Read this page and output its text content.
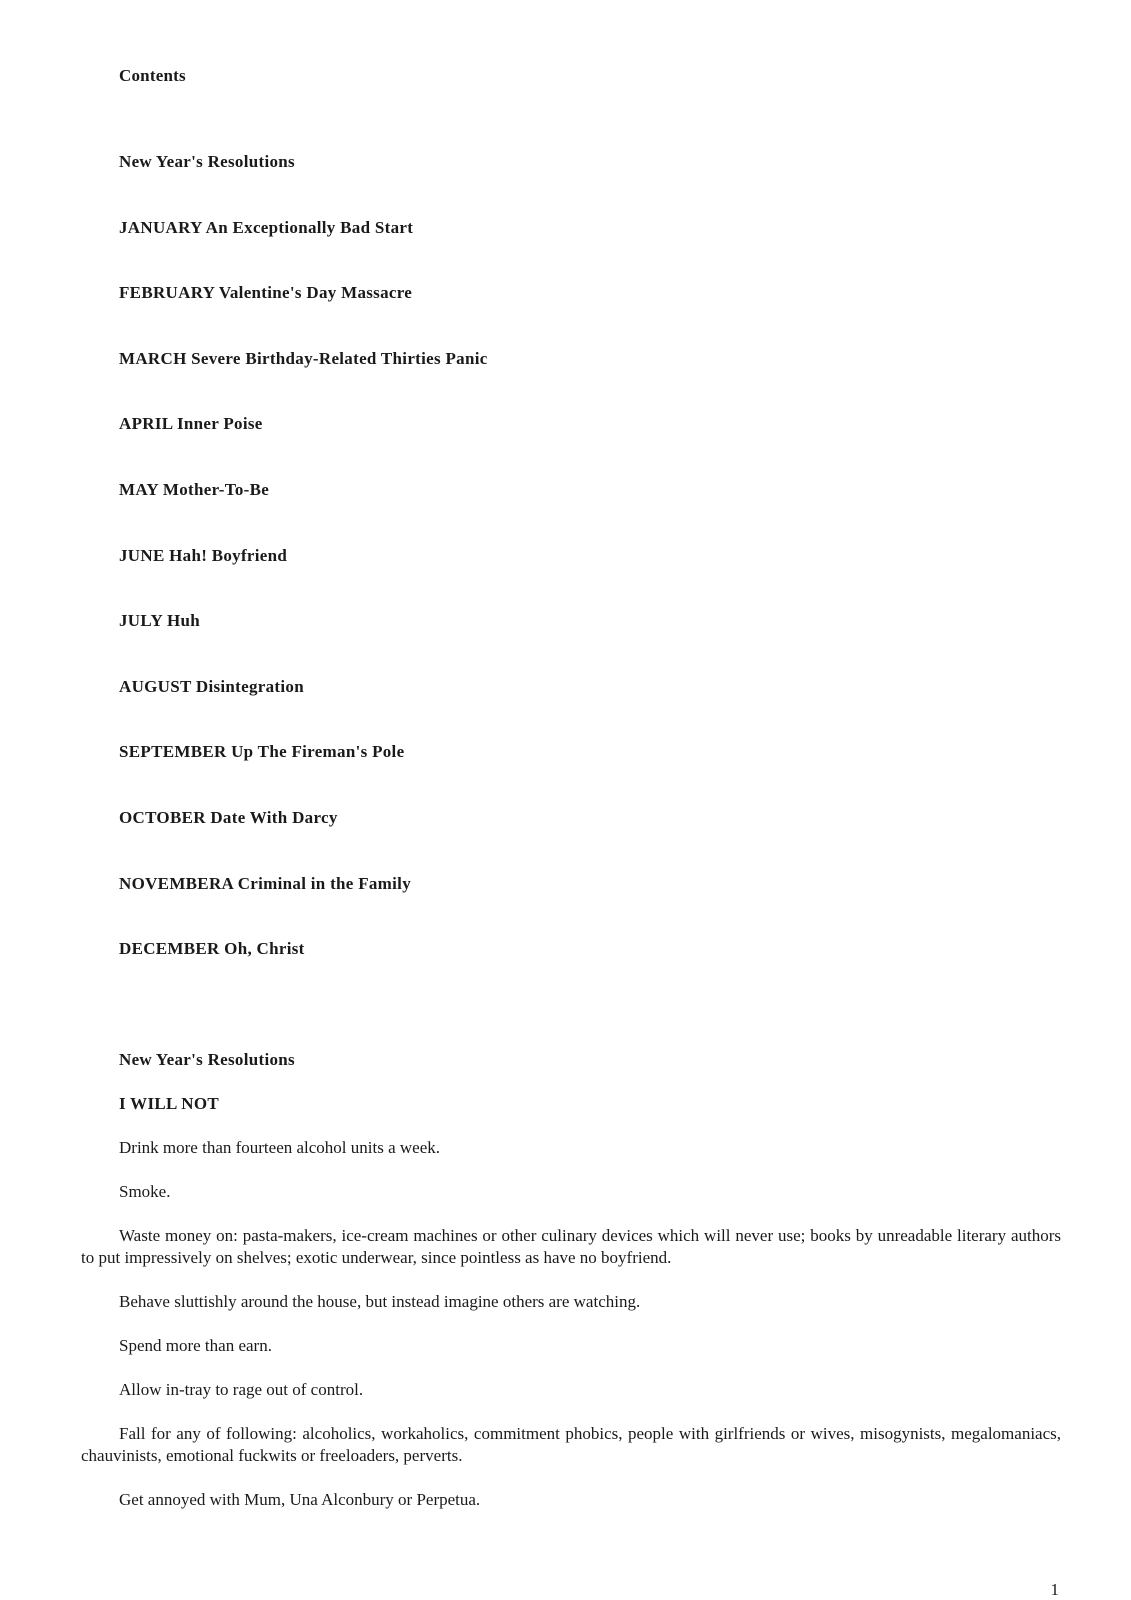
Contents
New Year's Resolutions
JANUARY An Exceptionally Bad Start
FEBRUARY Valentine's Day Massacre
MARCH Severe Birthday-Related Thirties Panic
APRIL Inner Poise
MAY Mother-To-Be
JUNE Hah! Boyfriend
JULY Huh
AUGUST Disintegration
SEPTEMBER Up The Fireman's Pole
OCTOBER Date With Darcy
NOVEMBERA Criminal in the Family
DECEMBER Oh, Christ
New Year's Resolutions
I WILL NOT

Drink more than fourteen alcohol units a week.

Smoke.

Waste money on: pasta-makers, ice-cream machines or other culinary devices which will never use; books by unreadable literary authors to put impressively on shelves; exotic underwear, since pointless as have no boyfriend.

Behave sluttishly around the house, but instead imagine others are watching.

Spend more than earn.

Allow in-tray to rage out of control.

Fall for any of following: alcoholics, workaholics, commitment phobics, people with girlfriends or wives, misogynists, megalomaniacs, chauvinists, emotional fuckwits or freeloaders, perverts.

Get annoyed with Mum, Una Alconbury or Perpetua.

1
